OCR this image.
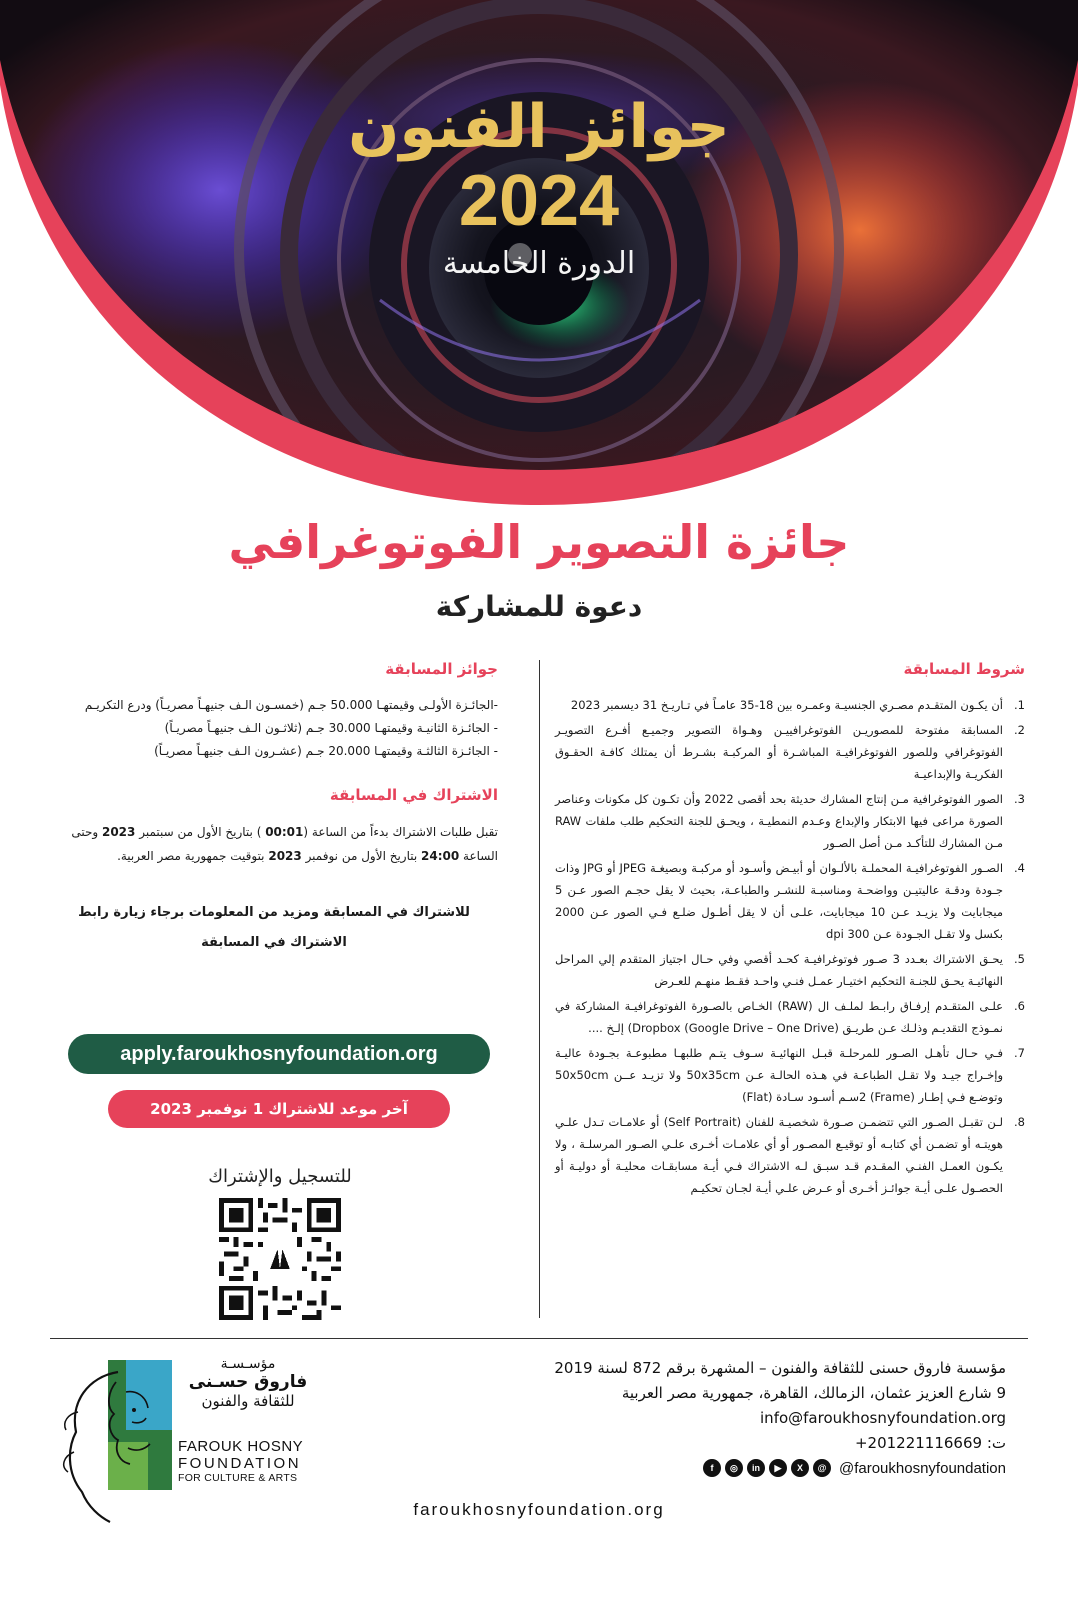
جوائز الفنون
2024
الدورة الخامسة
جائزة التصوير الفوتوغرافي
دعوة للمشاركة
شروط المسابقة
1.
أن يكـون المتقـدم مصـري الجنسيـة وعمـره بين 18-35 عامـاً في تـاريـخ 31 ديسمبر 2023
2.
المسابقة مفتوحة للمصوريـن الفوتوغرافييـن وهـواة التصوير وجميـع أفـرع التصويـر الفوتوغرافي وللصور الفوتوغرافيـة المباشـرة أو المركبـة بشـرط أن يمتلك كافـة الحقـوق الفكريـة والإبداعيـة
3.
الصور الفوتوغرافية مـن إنتاج المشارك حديثة بحد أقصى 2022 وأن تكـون كل مكونات وعناصر الصورة مراعى فيها الابتكار والإبداع وعـدم النمطيـة ، ويحـق للجنة التحكيم طلب ملفات RAW مـن المشارك للتأكـد مـن أصل الصـور
4.
الصـور الفوتوغرافيـة المحملـة بالألـوان أو أبيـض وأسـود أو مركبـة وبصيغـة JPEG أو JPG وذات جـودة ودقـة عاليتيـن وواضحـة ومناسبـة للنشـر والطباعـة، بحيث لا يقل حجـم الصور عـن 5 ميجابايت ولا يزيـد عـن 10 ميجابايت، علـى أن لا يقل أطـول ضلـع فـي الصور عـن 2000 بكسل ولا تقـل الجـودة عـن 300 dpi
5.
يحـق الاشتراك بعـدد 3 صـور فوتوغرافيـة كحـد أقصي وفي حـال اجتياز المتقدم إلي المراحل النهائيـة يحـق للجنـة التحكيم اختيـار عمـل فنـي واحـد فقـط منهـم للعـرض
6.
علـى المتقـدم إرفـاق رابـط لملـف ال (RAW) الخـاص بالصـورة الفوتوغرافيـة المشاركة في نمـوذج التقديـم وذلـك عـن طريـق (Google Drive – One Drive) Dropbox) إلـخ ....
7.
فـي حـال تأهـل الصـور للمرحلـة قبـل النهائيـة سـوف يتـم طلبهـا مطبوعـة بجـودة عاليـة وإخـراج جيـد ولا تقـل الطباعـة في هـذه الحالـة عـن 50x35cm ولا تزيـد عــن 50x50cm وتوضـع فـي إطـار (Frame) 2سـم أسـود سـادة (Flat)
8.
لـن تقبـل الصـور التي تتضمـن صـورة شخصيـة للفنان (Self Portrait) أو علامـات تـدل علـي هويتـه أو تضمـن أي كتابـه أو توقيـع المصـور أو أي علامـات أخـرى علـي الصـور المرسلـة ، ولا يكـون العمـل الفنـي المقـدم قـد سبـق لـه الاشتراك فـي أيـة مسابقـات محليـة أو دوليـة أو الحصـول علـى أيـة جوائـز أخـرى أو عـرض علـي أيـة لجـان تحكيـم
جوائز المسابقة
-الجائـزة الأولـى وقيمتهـا 50.000 جـم (خمسـون الـف جنيهـاً مصريـاً) ودرع التكريـم
- الجائـزة الثانيـة وقيمتهـا 30.000 جـم (ثلاثـون الـف جنيهـاً مصريـاً)
- الجائـزة الثالثـة وقيمتهـا 20.000 جـم (عشـرون الـف جنيهـاً مصريـاً)
الاشتراك في المسابقة

تقبل طلبات الاشتراك بدءاً من الساعة (00:01 ) بتاريخ الأول من سبتمبر 2023 وحتى الساعة 24:00 بتاريخ الأول من نوفمبر 2023 بتوقيت جمهورية مصر العربية.

للاشتراك في المسابقة ومزيد من المعلومات برجاء زيارة رابط
الاشتراك في المسابقة
apply.faroukhosnyfoundation.org
آخر موعد للاشتراك 1 نوفمبر 2023
للتسجيل والإشتراك
مؤسسة فاروق حسنى للثقافة والفنون – المشهرة برقم 872 لسنة 2019
9 شارع العزيز عثمان، الزمالك، القاهرة، جمهورية مصر العربية
info@faroukhosnyfoundation.org
ت: +201221116669
f	◎	in	▶	X	@ @faroukhosnyfoundation
مؤسـسـة
فاروق حسـنى
للثقافة والفنون
FAROUK HOSNY
FOUNDATION
FOR CULTURE & ARTS
faroukhosnyfoundation.org
